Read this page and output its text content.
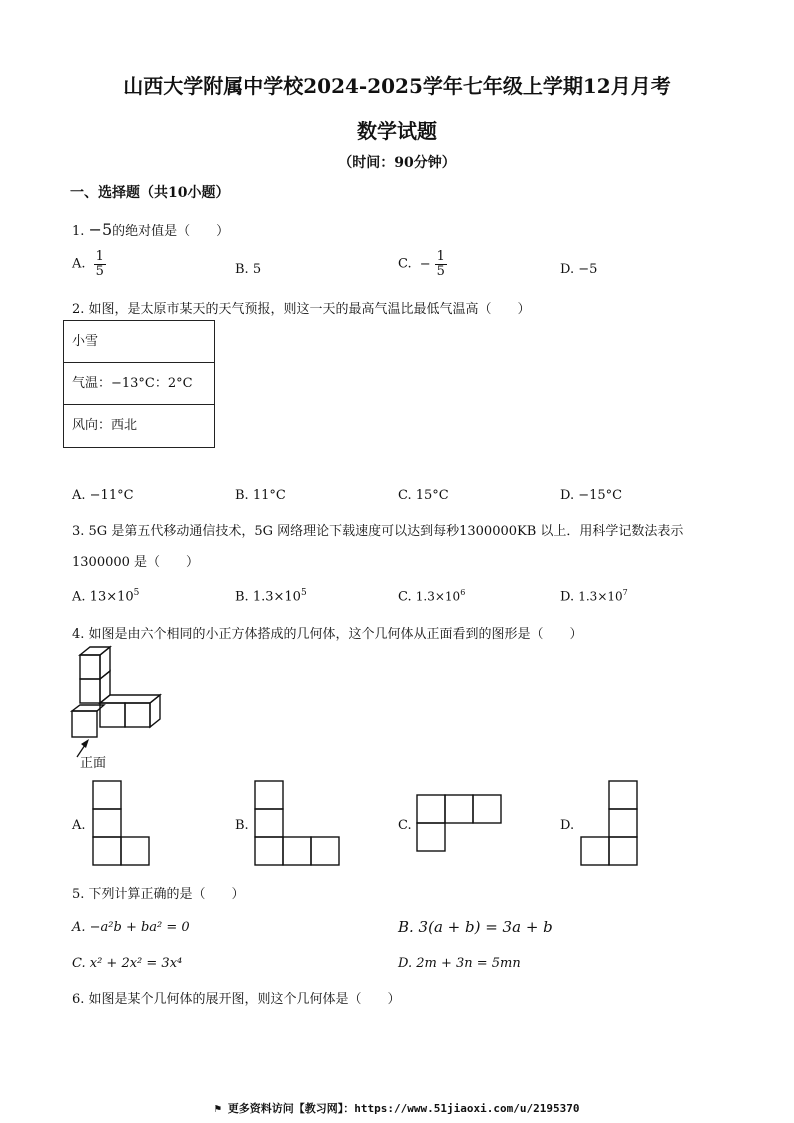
山西大学附属中学校2024-2025学年七年级上学期12月月考
数学试题
（时间：90分钟）
一、选择题（共10小题）
1. −5的绝对值是（　　）
A. $\frac{1}{5}$	B. 5	C. − $\frac{1}{5}$	D. −5
2. 如图，是太原市某天的天气预报，则这一天的最高气温比最低气温高（　　）
小雪
气温：−13°C：2°C
风向：西北
A. −11°C	B. 11°C	C. 15°C	D. −15°C
3. 5G 是第五代移动通信技术，5G 网络理论下载速度可以达到每秒1300000KB 以上．用科学记数法表示
1300000 是（　　）
A. $13\times 10^5$	B. $1.3\times 10^5$	C. $1.3\times 10^6$	D. $1.3\times 10^7$
4. 如图是由六个相同的小正方体搭成的几何体，这个几何体从正面看到的图形是（　　）
正面
A.	B.	C.	D.
5. 下列计算正确的是（　　）
A. −a²b + ba² = 0	B. 3(a + b) = 3a + b
C. x² + 2x² = 3x⁴	D. 2m + 3n = 5mn
6. 如图是某个几何体的展开图，则这个几何体是（　　）
⚑ 更多资料访问【教习网】：https://www.51jiaoxi.com/u/2195370
